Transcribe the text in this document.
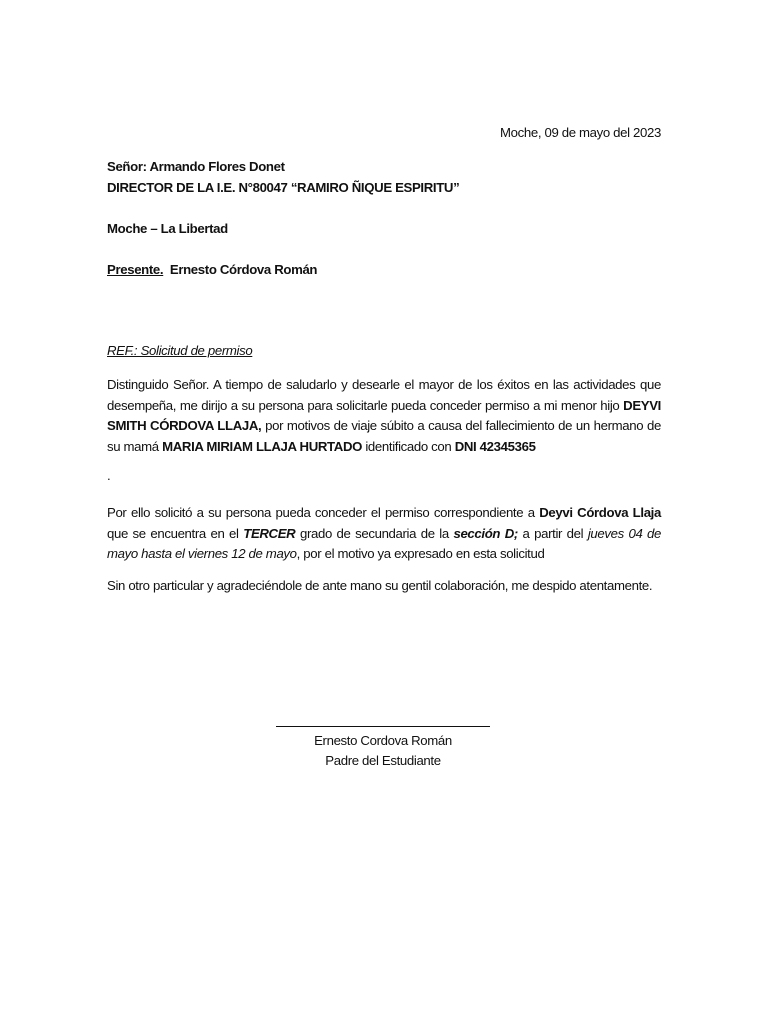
Moche, 09 de mayo del 2023

Señor: Armando Flores Donet

DIRECTOR DE LA I.E. N°80047 “RAMIRO ÑIQUE ESPIRITU”

Moche – La Libertad

Presente. Ernesto Córdova Román

REF.: Solicitud de permiso

Distinguido Señor. A tiempo de saludarlo y desearle el mayor de los éxitos en las actividades que desempeña, me dirijo a su persona para solicitarle pueda conceder permiso a mi menor hijo DEYVI SMITH CÓRDOVA LLAJA, por motivos de viaje súbito a causa del fallecimiento de un hermano de su mamá MARIA MIRIAM LLAJA HURTADO identificado con DNI 42345365

.

Por ello solicitó a su persona pueda conceder el permiso correspondiente a Deyvi Córdova Llaja que se encuentra en el TERCER grado de secundaria de la sección D; a partir del jueves 04 de mayo hasta el viernes 12 de mayo, por el motivo ya expresado en esta solicitud

Sin otro particular y agradeciéndole de ante mano su gentil colaboración, me despido atentamente.

Ernesto Cordova Román

Padre del Estudiante
